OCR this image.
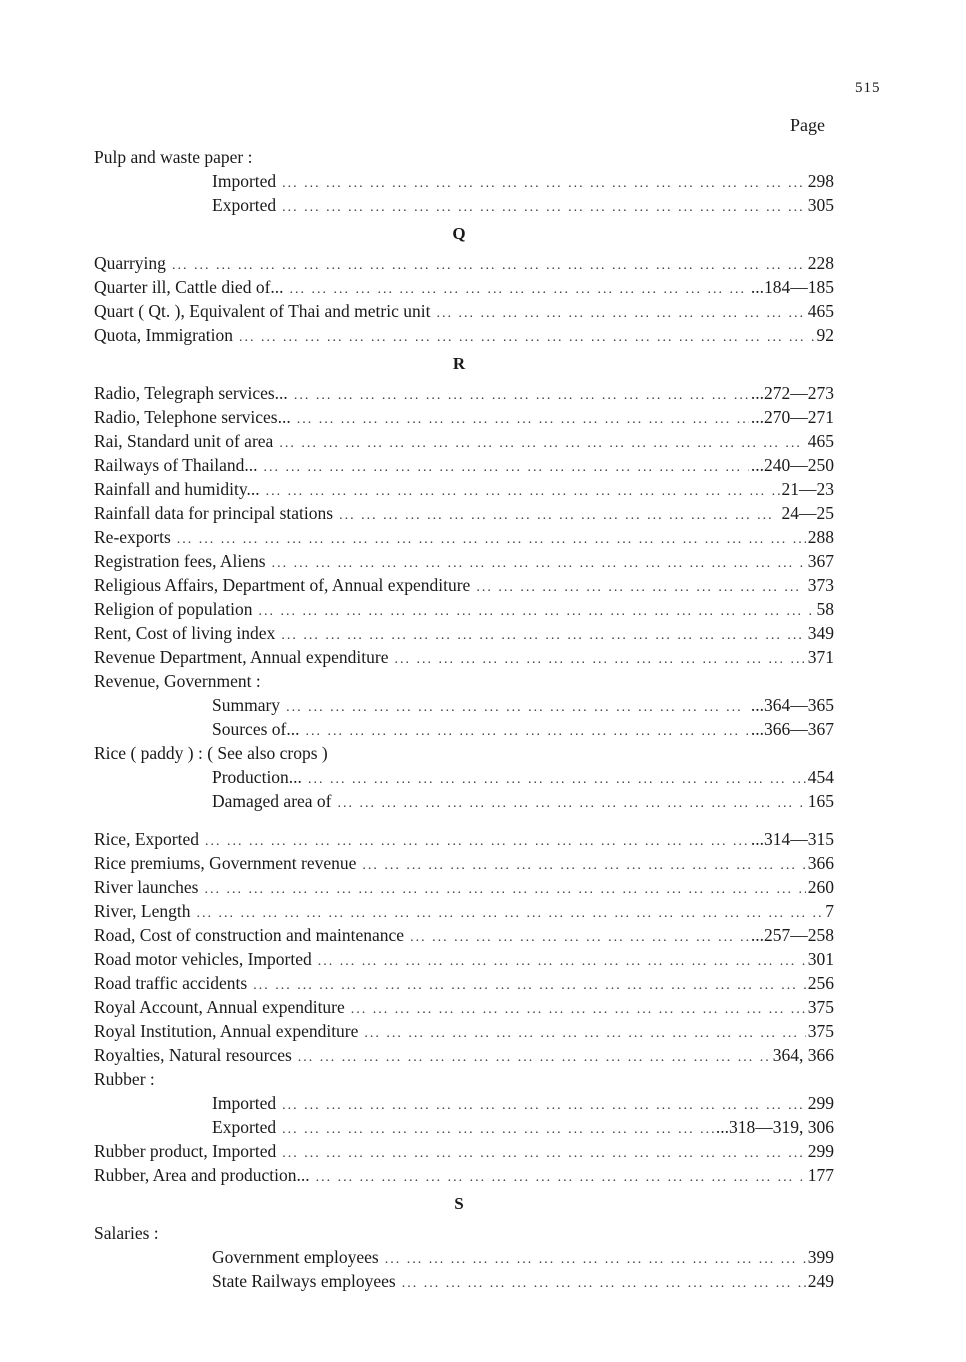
515
Page
Pulp and waste paper :
Imported ... .	298
Exported ... .	305
Q
Quarrying ... .	228
Quarter ill, Cattle died of... ... .	...184—185
Quart ( Qt. ), Equivalent of Thai and metric unit ... .	465
Quota, Immigration ... .	92
R
Radio, Telegraph services... ... .	...272—273
Radio, Telephone services... ... .	...270—271
Rai, Standard unit of area ... .	465
Railways of Thailand... ... .	...240—250
Rainfall and humidity... ... .	21—23
Rainfall data for principal stations ... .	24—25
Re-exports ... .	288
Registration fees, Aliens ... .	367
Religious Affairs, Department of, Annual expenditure ... .	373
Religion of population ... .	58
Rent, Cost of living index ... .	349
Revenue Department, Annual expenditure ... .	371
Revenue, Government :
Summary ... .	...364—365
Sources of... ... .	...366—367
Rice ( paddy ) : ( See also crops )
Production... ... .	454
Damaged area of ... .	165
Rice, Exported ... .	...314—315
Rice premiums, Government revenue ... .	366
River launches ... .	260
River, Length ... .	7
Road, Cost of construction and maintenance ... .	...257—258
Road motor vehicles, Imported ... .	301
Road traffic accidents ... .	256
Royal Account, Annual expenditure ... .	375
Royal Institution, Annual expenditure ... .	375
Royalties, Natural resources ... .	364, 366
Rubber :
Imported ... .	299
Exported ... .	...318—319, 306
Rubber product, Imported ... .	299
Rubber, Area and production... ... .	177
S
Salaries :
Government employees ... .	399
State Railways employees ... .	249
